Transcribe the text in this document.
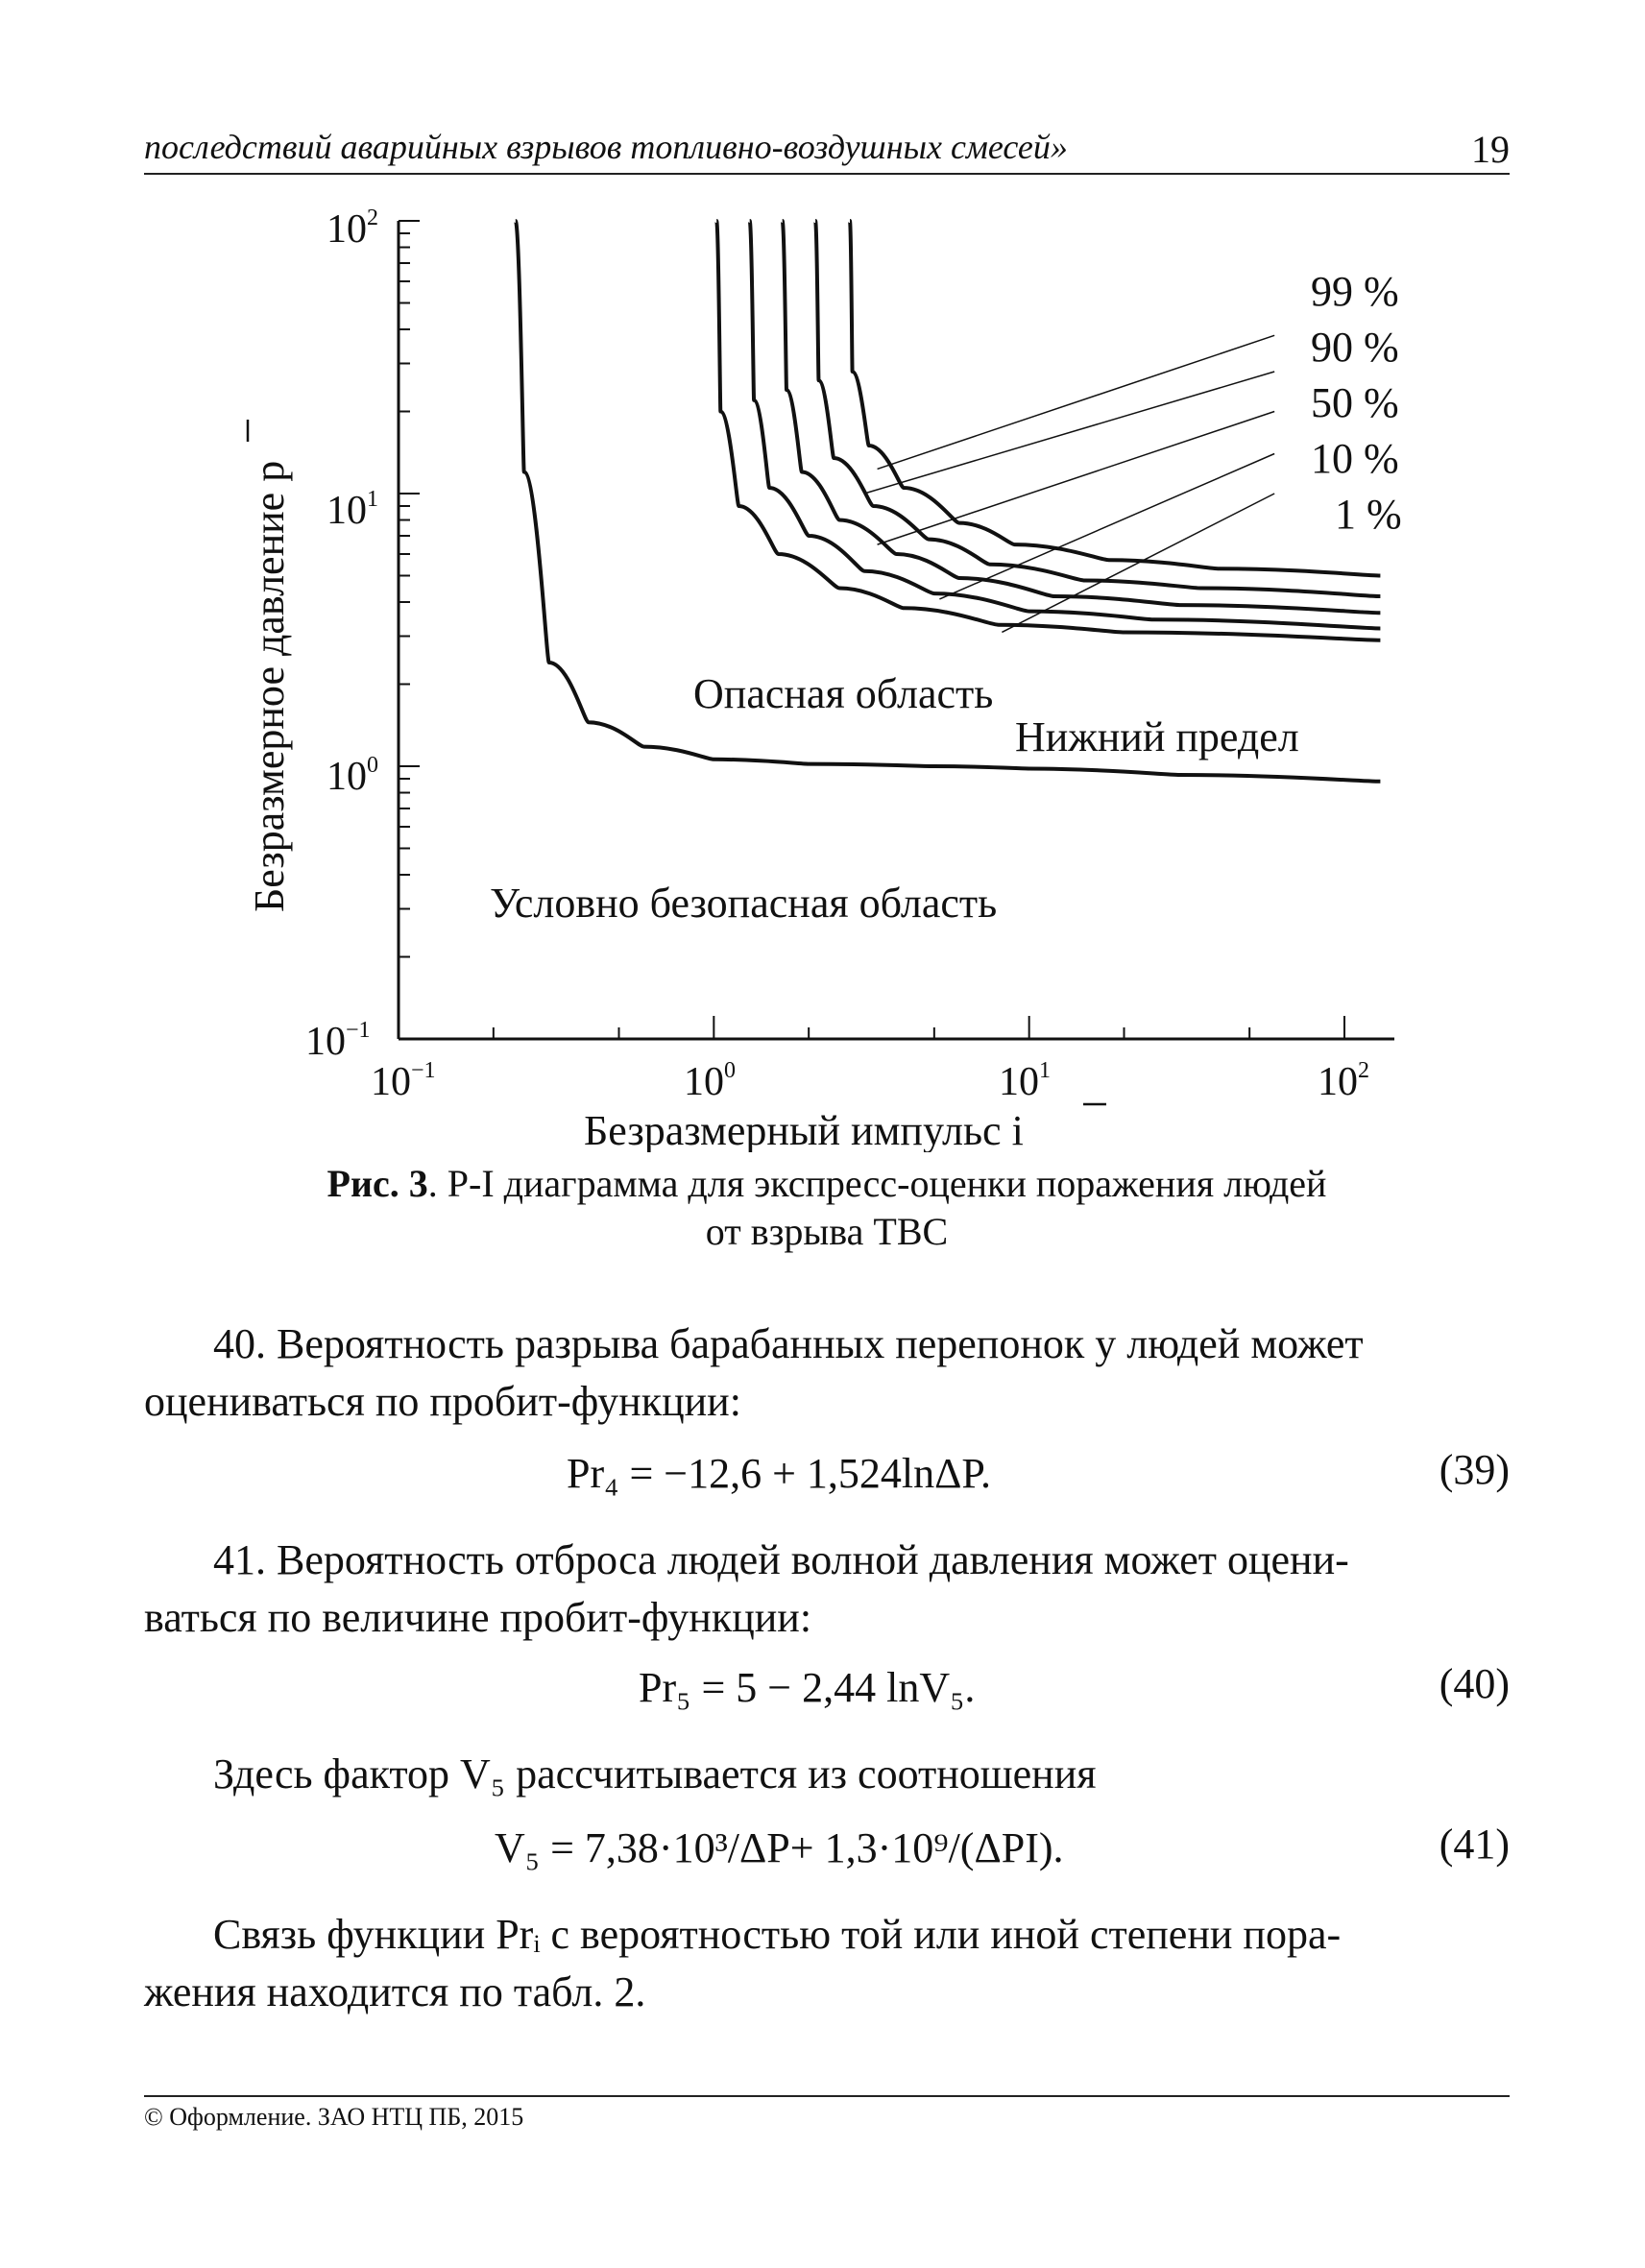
последствий аварийных взрывов топливно-воздушных смесей»	19
$10^2$
$10^1$
$10^0$
$10^{-1}$
$10^{-1}$	$10^0$	$10^1$	$10^2$
Безразмерное давление p
Безразмерный импульс i
99 %
90 %
50 %
10 %
1 %
Опасная область
Нижний предел
Условно безопасная область
Рис. 3. P-I диаграмма для экспресс-оценки поражения людей
от взрыва ТВС
40. Вероятность разрыва барабанных перепонок у людей может
оцениваться по пробит-функции:
Pr₄ = −12,6 + 1,524lnΔP.	(39)
41. Вероятность отброса людей волной давления может оцени-
ваться по величине пробит-функции:
Pr₅ = 5 − 2,44 lnV₅.	(40)
Здесь фактор V₅ рассчитывается из соотношения
V₅ = 7,38·10³/ΔP+ 1,3·10⁹/(ΔPI).	(41)
Связь функции Prᵢ с вероятностью той или иной степени пора-
жения находится по табл. 2.
© Оформление. ЗАО НТЦ ПБ, 2015
